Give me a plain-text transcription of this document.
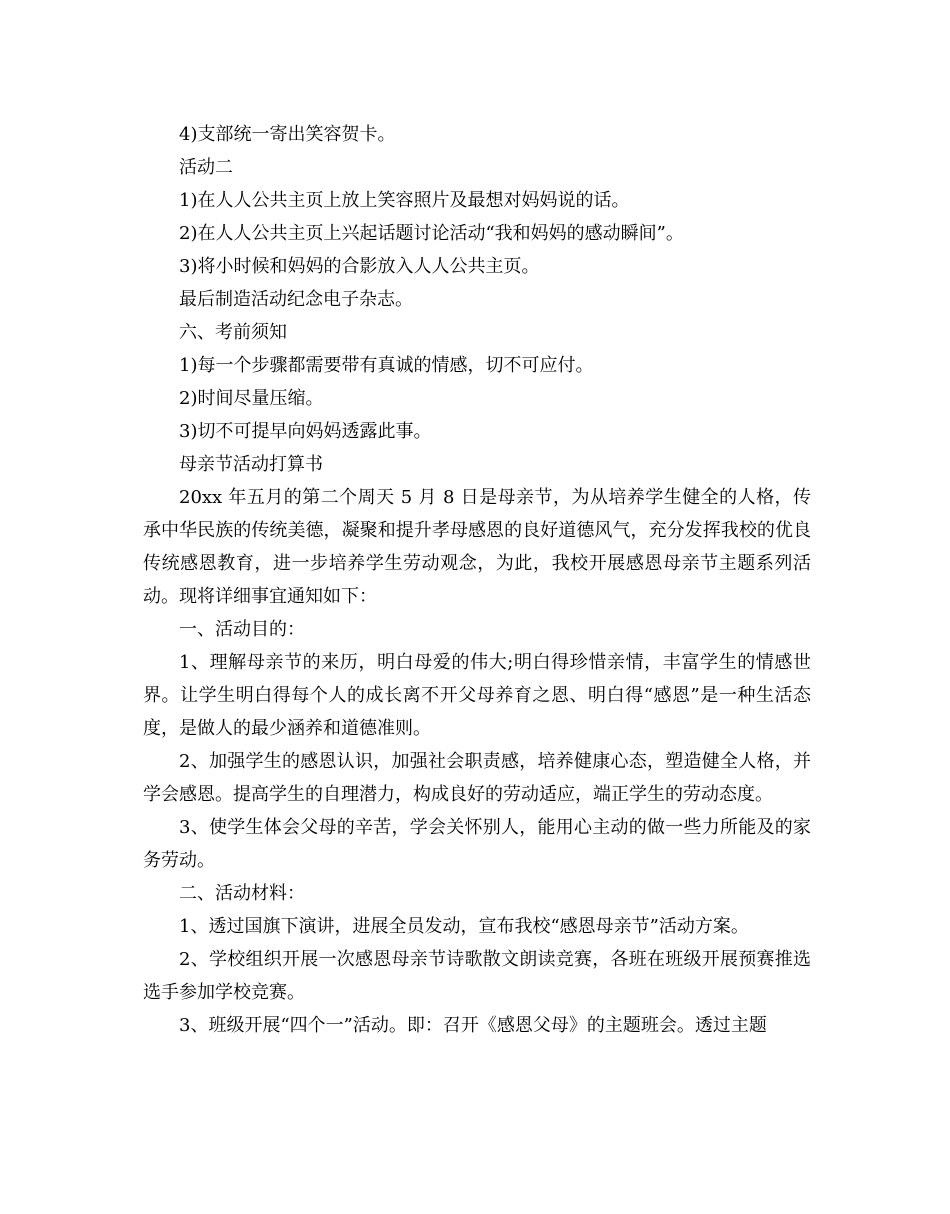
4)支部统一寄出笑容贺卡。

活动二

1)在人人公共主页上放上笑容照片及最想对妈妈说的话。

2)在人人公共主页上兴起话题讨论活动“我和妈妈的感动瞬间”。

3)将小时候和妈妈的合影放入人人公共主页。

最后制造活动纪念电子杂志。

六、考前须知

1)每一个步骤都需要带有真诚的情感，切不可应付。

2)时间尽量压缩。

3)切不可提早向妈妈透露此事。

母亲节活动打算书

20xx 年五月的第二个周天 5 月 8 日是母亲节，为从培养学生健全的人格，传承中华民族的传统美德，凝聚和提升孝母感恩的良好道德风气，充分发挥我校的优良传统感恩教育，进一步培养学生劳动观念，为此，我校开展感恩母亲节主题系列活动。现将详细事宜通知如下：

一、活动目的：

1、理解母亲节的来历，明白母爱的伟大;明白得珍惜亲情，丰富学生的情感世界。让学生明白得每个人的成长离不开父母养育之恩、明白得“感恩”是一种生活态度，是做人的最少涵养和道德准则。

2、加强学生的感恩认识，加强社会职责感，培养健康心态，塑造健全人格，并学会感恩。提高学生的自理潜力，构成良好的劳动适应，端正学生的劳动态度。

3、使学生体会父母的辛苦，学会关怀别人，能用心主动的做一些力所能及的家务劳动。

二、活动材料：

1、透过国旗下演讲，进展全员发动，宣布我校“感恩母亲节”活动方案。

2、学校组织开展一次感恩母亲节诗歌散文朗读竞赛，各班在班级开展预赛推选选手参加学校竞赛。

3、班级开展“四个一”活动。即：召开《感恩父母》的主题班会。透过主题
